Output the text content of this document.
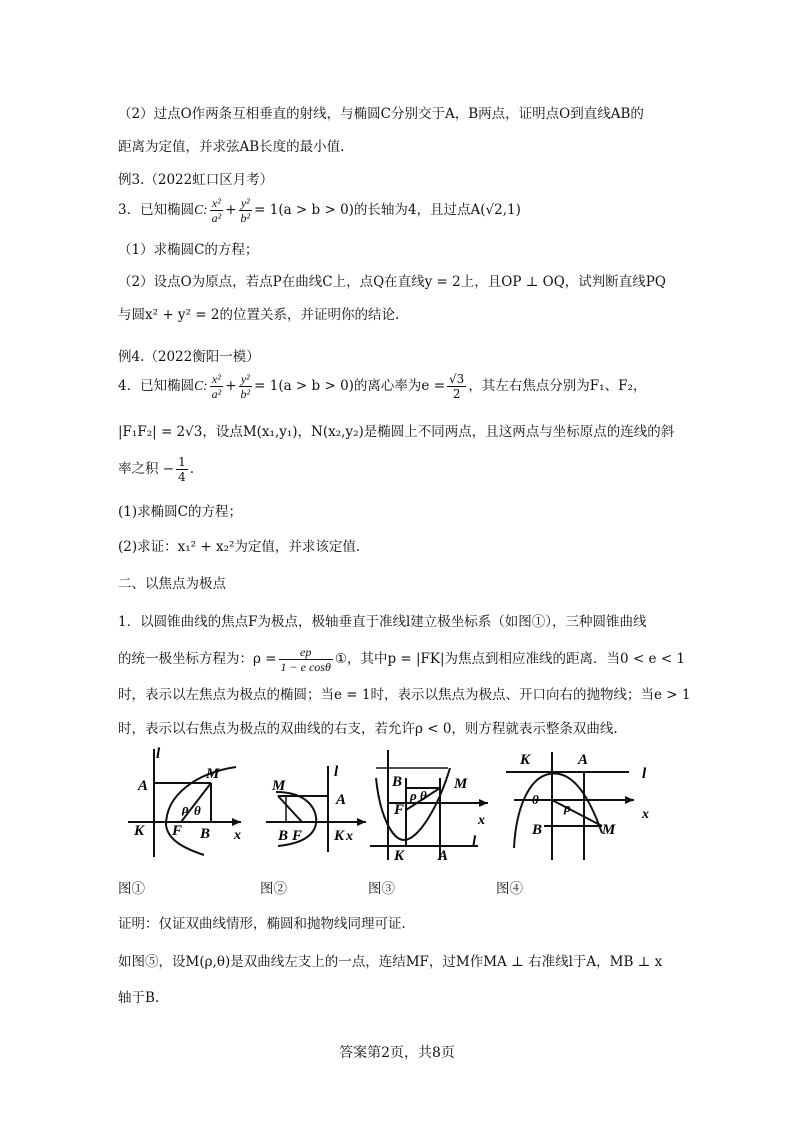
（2）过点O作两条互相垂直的射线，与椭圆C分别交于A，B两点，证明点O到直线AB的
距离为定值，并求弦AB长度的最小值.
例3.（2022虹口区月考）
3．已知椭圆C: $\frac{\text{x²}}{\text{a²}} + \frac{\text{y²}}{\text{b²}} = 1(a > b > 0)$的长轴为4，且过点A(√2,1)
（1）求椭圆C的方程；
（2）设点O为原点，若点P在曲线C上，点Q在直线y = 2上，且OP ⊥ OQ，试判断直线PQ
与圆x² + y² = 2的位置关系，并证明你的结论.
例4.（2022衡阳一模）
4．已知椭圆C: $\frac{\text{x²}}{\text{a²}} + \frac{\text{y²}}{\text{b²}} = 1(a > b > 0)$的离心率为$e = \frac{√3}{2}$ ，其左右焦点分别为F₁、F₂，
|F₁F₂| = 2√3，设点M(x₁,y₁)，N(x₂,y₂)是椭圆上不同两点，且这两点与坐标原点的连线的斜
率之积 − $\frac{1}{4}$ .
(1)求椭圆C的方程；
(2)求证：x₁² + x₂²为定值，并求该定值.
二、以焦点为极点
1．以圆锥曲线的焦点F为极点，极轴垂直于准线l建立极坐标系（如图①），三种圆锥曲线
的统一极坐标方程为：$\rho = \frac{ep}{\text{1 − e cosθ}}$ ①，其中p = |FK|为焦点到相应准线的距离．当0 < e < 1
时，表示以左焦点为极点的椭圆；当e = 1时，表示以焦点为极点、开口向右的抛物线；当e > 1
时，表示以右焦点为极点的双曲线的右支，若允许ρ < 0，则方程就表示整条双曲线.
l
A
M
K F B
ρ θ
x
l
M
A
K
B F	x
B	M
F
ρ θ
K A
x
l
K	A
l
θ
ρ
B	M
x
图①	图②	图③	图④
证明：仅证双曲线情形，椭圆和抛物线同理可证.
如图⑤，设M(ρ,θ)是双曲线左支上的一点，连结MF，过M作MA ⊥ 右准线l于A，MB ⊥ x
轴于B.
答案第2页，共8页
